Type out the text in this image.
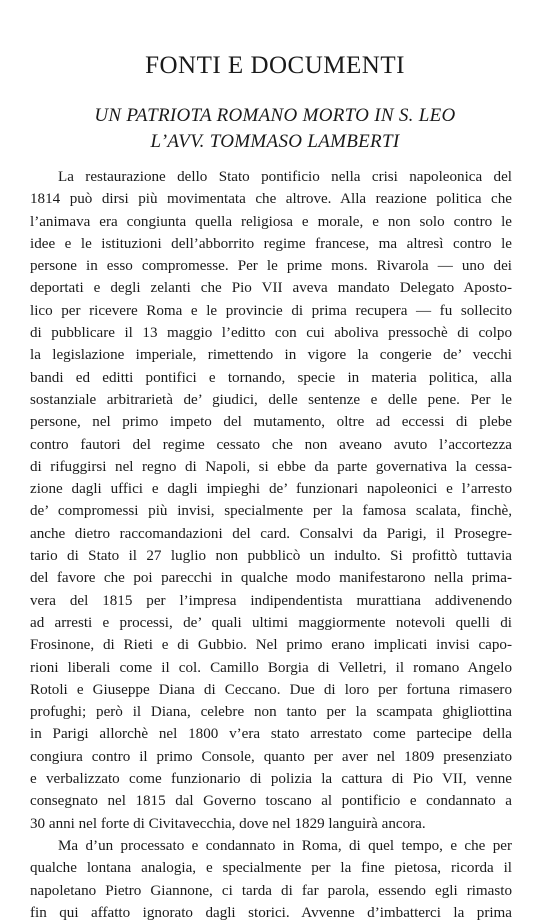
FONTI E DOCUMENTI
UN PATRIOTA ROMANO MORTO IN S. LEO
L’AVV. TOMMASO LAMBERTI
La restaurazione dello Stato pontificio nella crisi napoleonica del
1814 può dirsi più movimentata che altrove. Alla reazione politica che
l’animava era congiunta quella religiosa e morale, e non solo contro le
idee e le istituzioni dell’abborrito regime francese, ma altresì contro le
persone in esso compromesse. Per le prime mons. Rivarola — uno dei
deportati e degli zelanti che Pio VII aveva mandato Delegato Aposto-
lico per ricevere Roma e le provincie di prima recupera — fu sollecito
di pubblicare il 13 maggio l’editto con cui aboliva pressochè di colpo
la legislazione imperiale, rimettendo in vigore la congerie de’ vecchi
bandi ed editti pontifici e tornando, specie in materia politica, alla
sostanziale arbitrarietà de’ giudici, delle sentenze e delle pene. Per le
persone, nel primo impeto del mutamento, oltre ad eccessi di plebe
contro fautori del regime cessato che non aveano avuto l’accortezza
di rifuggirsi nel regno di Napoli, si ebbe da parte governativa la cessa-
zione dagli uffici e dagli impieghi de’ funzionari napoleonici e l’arresto
de’ compromessi più invisi, specialmente per la famosa scalata, finchè,
anche dietro raccomandazioni del card. Consalvi da Parigi, il Prosegre-
tario di Stato il 27 luglio non pubblicò un indulto. Si profittò tuttavia
del favore che poi parecchi in qualche modo manifestarono nella prima-
vera del 1815 per l’impresa indipendentista murattiana addivenendo
ad arresti e processi, de’ quali ultimi maggiormente notevoli quelli di
Frosinone, di Rieti e di Gubbio. Nel primo erano implicati invisi capo-
rioni liberali come il col. Camillo Borgia di Velletri, il romano Angelo
Rotoli e Giuseppe Diana di Ceccano. Due di loro per fortuna rimasero
profughi; però il Diana, celebre non tanto per la scampata ghigliottina
in Parigi allorchè nel 1800 v’era stato arrestato come partecipe della
congiura contro il primo Console, quanto per aver nel 1809 presenziato
e verbalizzato come funzionario di polizia la cattura di Pio VII, venne
consegnato nel 1815 dal Governo toscano al pontificio e condannato a
30 anni nel forte di Civitavecchia, dove nel 1829 languirà ancora.
Ma d’un processato e condannato in Roma, di quel tempo, e che per
qualche lontana analogia, e specialmente per la fine pietosa, ricorda il
napoletano Pietro Giannone, ci tarda di far parola, essendo egli rimasto
fin qui affatto ignorato dagli storici. Avvenne d’imbatterci la prima
